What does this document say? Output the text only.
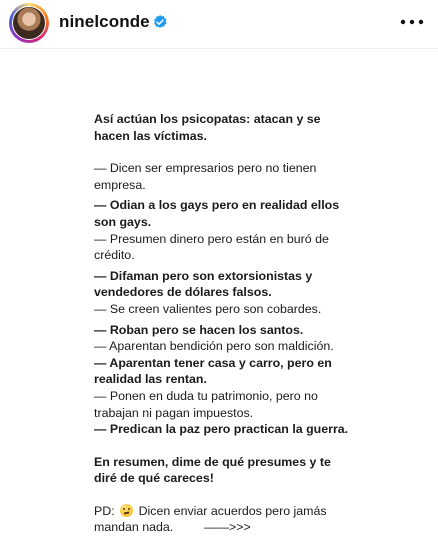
ninelconde
Así actúan los psicopatas: atacan y se
hacen las víctimas.
— Dicen ser empresarios pero no tienen
empresa.
— Odian a los gays pero en realidad ellos
son gays.
— Presumen dinero pero están en buró de
crédito.
— Difaman pero son extorsionistas y
vendedores de dólares falsos.
— Se creen valientes pero son cobardes.
— Roban pero se hacen los santos.
— Aparentan bendición pero son maldición.
— Aparentan tener casa y carro, pero en
realidad las rentan.
— Ponen en duda tu patrimonio, pero no
trabajan ni pagan impuestos.
— Predican la paz pero practican la guerra.
En resumen, dime de qué presumes y te
diré de qué careces!
PD: Dicen enviar acuerdos pero jamás
mandan nada. ——>>>
